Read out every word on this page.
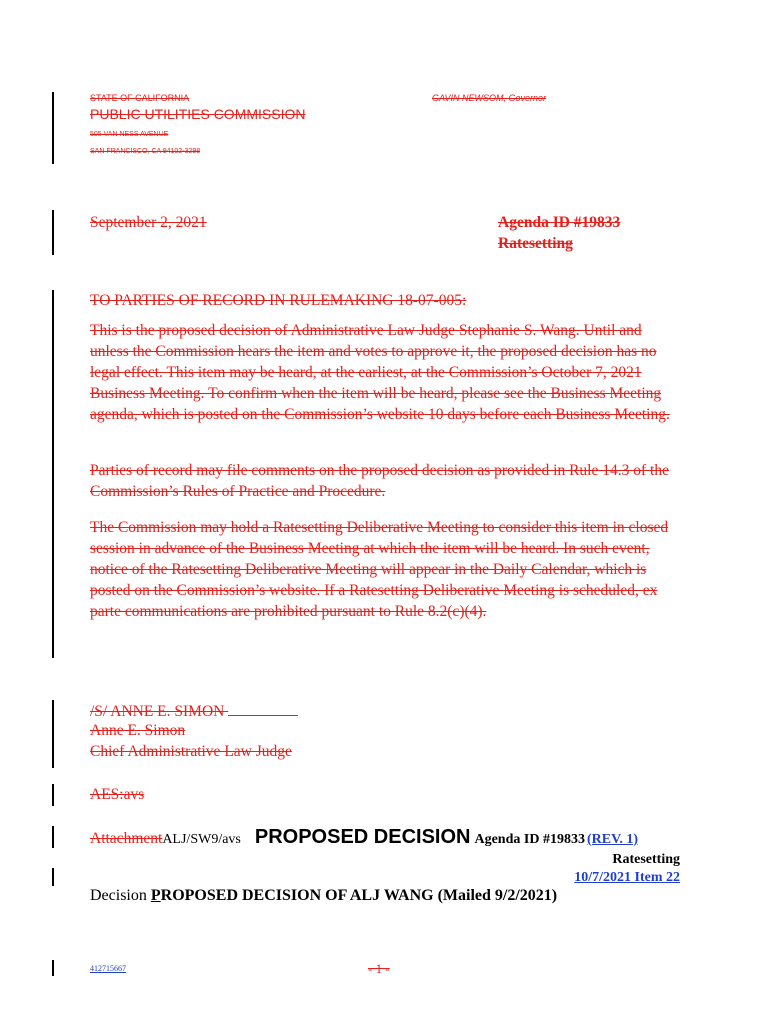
STATE OF CALIFORNIA	GAVIN NEWSOM, Governor
PUBLIC UTILITIES COMMISSION
505 VAN NESS AVENUE
SAN FRANCISCO, CA 94102-3298
September 2, 2021	Agenda ID #19833
Ratesetting
TO PARTIES OF RECORD IN RULEMAKING 18-07-005:
This is the proposed decision of Administrative Law Judge Stephanie S. Wang. Until and unless the Commission hears the item and votes to approve it, the proposed decision has no legal effect. This item may be heard, at the earliest, at the Commission’s October 7, 2021 Business Meeting. To confirm when the item will be heard, please see the Business Meeting agenda, which is posted on the Commission’s website 10 days before each Business Meeting.
Parties of record may file comments on the proposed decision as provided in Rule 14.3 of the Commission’s Rules of Practice and Procedure.
The Commission may hold a Ratesetting Deliberative Meeting to consider this item in closed session in advance of the Business Meeting at which the item will be heard. In such event, notice of the Ratesetting Deliberative Meeting will appear in the Daily Calendar, which is posted on the Commission’s website. If a Ratesetting Deliberative Meeting is scheduled, ex parte communications are prohibited pursuant to Rule 8.2(c)(4).
/S/ ANNE E. SIMON
Anne E. Simon
Chief Administrative Law Judge
AES:avs
AttachmentALJ/SW9/avs PROPOSED DECISION Agenda ID #19833 (REV. 1)
Ratesetting
10/7/2021 Item 22
Decision PROPOSED DECISION OF ALJ WANG (Mailed 9/2/2021)
412715667	- 1 -
